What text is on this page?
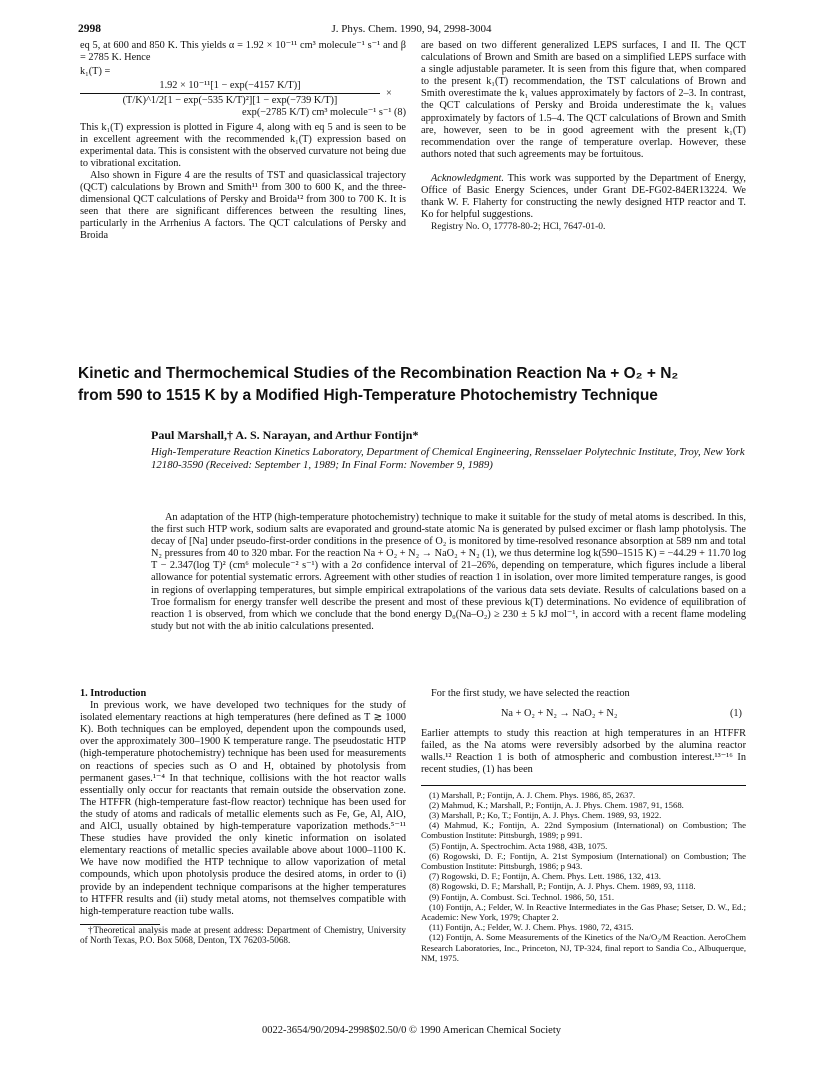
2998	J. Phys. Chem. 1990, 94, 2998-3004

eq 5, at 600 and 850 K. This yields α = 1.92 × 10⁻¹¹ cm³ molecule⁻¹ s⁻¹ and β = 2785 K. Hence

k₁(T) =
$\frac{\text{1.92 × 10⁻¹¹[1 − exp(−4157 K/T)]}}{\text{(T/K)\textasciicircum{}1/2[1 − exp(−535 K/T)²][1 − exp(−739 K/T)]}}$ ×
exp(−2785 K/T) cm³ molecule⁻¹ s⁻¹ (8)

This k₁(T) expression is plotted in Figure 4, along with eq 5 and is seen to be in excellent agreement with the recommended k₁(T) expression based on experimental data. This is consistent with the observed curvature not being due to vibrational excitation.

Also shown in Figure 4 are the results of TST and quasiclassical trajectory (QCT) calculations by Brown and Smith¹¹ from 300 to 600 K, and the three-dimensional QCT calculations of Persky and Broida¹² from 300 to 700 K. It is seen that there are significant differences between the resulting lines, particularly in the Arrhenius A factors. The QCT calculations of Persky and Broida

are based on two different generalized LEPS surfaces, I and II. The QCT calculations of Brown and Smith are based on a simplified LEPS surface with a single adjustable parameter. It is seen from this figure that, when compared to the present k₁(T) recommendation, the TST calculations of Brown and Smith overestimate the k₁ values approximately by factors of 2–3. In contrast, the QCT calculations of Persky and Broida underestimate the k₁ values approximately by factors of 1.5–4. The QCT calculations of Brown and Smith are, however, seen to be in good agreement with the present k₁(T) recommendation over the range of temperature overlap. However, these authors noted that such agreements may be fortuitous.

Acknowledgment. This work was supported by the Department of Energy, Office of Basic Energy Sciences, under Grant DE-FG02-84ER13224. We thank W. F. Flaherty for constructing the newly designed HTP reactor and T. Ko for helpful suggestions.

Registry No. O, 17778-80-2; HCl, 7647-01-0.

Kinetic and Thermochemical Studies of the Recombination Reaction Na + O₂ + N₂
from 590 to 1515 K by a Modified High-Temperature Photochemistry Technique
Paul Marshall,† A. S. Narayan, and Arthur Fontijn*
High-Temperature Reaction Kinetics Laboratory, Department of Chemical Engineering, Rensselaer Polytechnic Institute, Troy, New York 12180-3590 (Received: September 1, 1989; In Final Form: November 9, 1989)
An adaptation of the HTP (high-temperature photochemistry) technique to make it suitable for the study of metal atoms is described. In this, the first such HTP work, sodium salts are evaporated and ground-state atomic Na is generated by pulsed excimer or flash lamp photolysis. The decay of [Na] under pseudo-first-order conditions in the presence of O₂ is monitored by time-resolved resonance absorption at 589 nm and total N₂ pressures from 40 to 320 mbar. For the reaction Na + O₂ + N₂ → NaO₂ + N₂ (1), we thus determine log k(590–1515 K) = −44.29 + 11.70 log T − 2.347(log T)² (cm⁶ molecule⁻² s⁻¹) with a 2σ confidence interval of 21–26%, depending on temperature, which figures include a liberal allowance for potential systematic errors. Agreement with other studies of reaction 1 in isolation, over more limited temperature ranges, is good in regions of overlapping temperatures, but simple empirical extrapolations of the various data sets deviate. Results of calculations based on a Troe formalism for energy transfer well describe the present and most of these previous k(T) determinations. No evidence of equilibration of reaction 1 is observed, from which we conclude that the bond energy D₀(Na–O₂) ≥ 230 ± 5 kJ mol⁻¹, in accord with a recent flame modeling study but not with the ab initio calculations presented.

1. Introduction

In previous work, we have developed two techniques for the study of isolated elementary reactions at high temperatures (here defined as T ≳ 1000 K). Both techniques can be employed, dependent upon the compounds used, over the approximately 300–1900 K temperature range. The pseudostatic HTP (high-temperature photochemistry) technique has been used for measurements on reactions of species such as O and H, obtained by photolysis from permanent gases.¹⁻⁴ In that technique, collisions with the hot reactor walls essentially only occur for reactants that remain outside the observation zone. The HTFFR (high-temperature fast-flow reactor) technique has been used for the study of atoms and radicals of metallic elements such as Fe, Ge, Al, AlO, and AlCl, usually obtained by high-temperature vaporization methods.⁵⁻¹¹ These studies have provided the only kinetic information on isolated elementary reactions of metallic species available above about 1000–1100 K. We have now modified the HTP technique to allow vaporization of metal compounds, which upon photolysis produce the desired atoms, in order to (i) provide by an independent technique comparisons at the higher temperatures to HTFFR results and (ii) study metal atoms, not themselves compatible with high-temperature reaction tube walls.

†Theoretical analysis made at present address: Department of Chemistry, University of North Texas, P.O. Box 5068, Denton, TX 76203-5068.

For the first study, we have selected the reaction

Na + O₂ + N₂ → NaO₂ + N₂	(1)

Earlier attempts to study this reaction at high temperatures in an HTFFR failed, as the Na atoms were reversibly adsorbed by the alumina reactor walls.¹² Reaction 1 is both of atmospheric and combustion interest.¹³⁻¹⁶ In recent studies, (1) has been

(1) Marshall, P.; Fontijn, A. J. Chem. Phys. 1986, 85, 2637.

(2) Mahmud, K.; Marshall, P.; Fontijn, A. J. Phys. Chem. 1987, 91, 1568.

(3) Marshall, P.; Ko, T.; Fontijn, A. J. Phys. Chem. 1989, 93, 1922.

(4) Mahmud, K.; Fontijn, A. 22nd Symposium (International) on Combustion; The Combustion Institute: Pittsburgh, 1989; p 991.

(5) Fontijn, A. Spectrochim. Acta 1988, 43B, 1075.

(6) Rogowski, D. F.; Fontijn, A. 21st Symposium (International) on Combustion; The Combustion Institute: Pittsburgh, 1986; p 943.

(7) Rogowski, D. F.; Fontijn, A. Chem. Phys. Lett. 1986, 132, 413.

(8) Rogowski, D. F.; Marshall, P.; Fontijn, A. J. Phys. Chem. 1989, 93, 1118.

(9) Fontijn, A. Combust. Sci. Technol. 1986, 50, 151.

(10) Fontijn, A.; Felder, W. In Reactive Intermediates in the Gas Phase; Setser, D. W., Ed.; Academic: New York, 1979; Chapter 2.

(11) Fontijn, A.; Felder, W. J. Chem. Phys. 1980, 72, 4315.

(12) Fontijn, A. Some Measurements of the Kinetics of the Na/O₂/M Reaction. AeroChem Research Laboratories, Inc., Princeton, NJ, TP-324, final report to Sandia Co., Albuquerque, NM, 1975.

0022-3654/90/2094-2998$02.50/0 © 1990 American Chemical Society
